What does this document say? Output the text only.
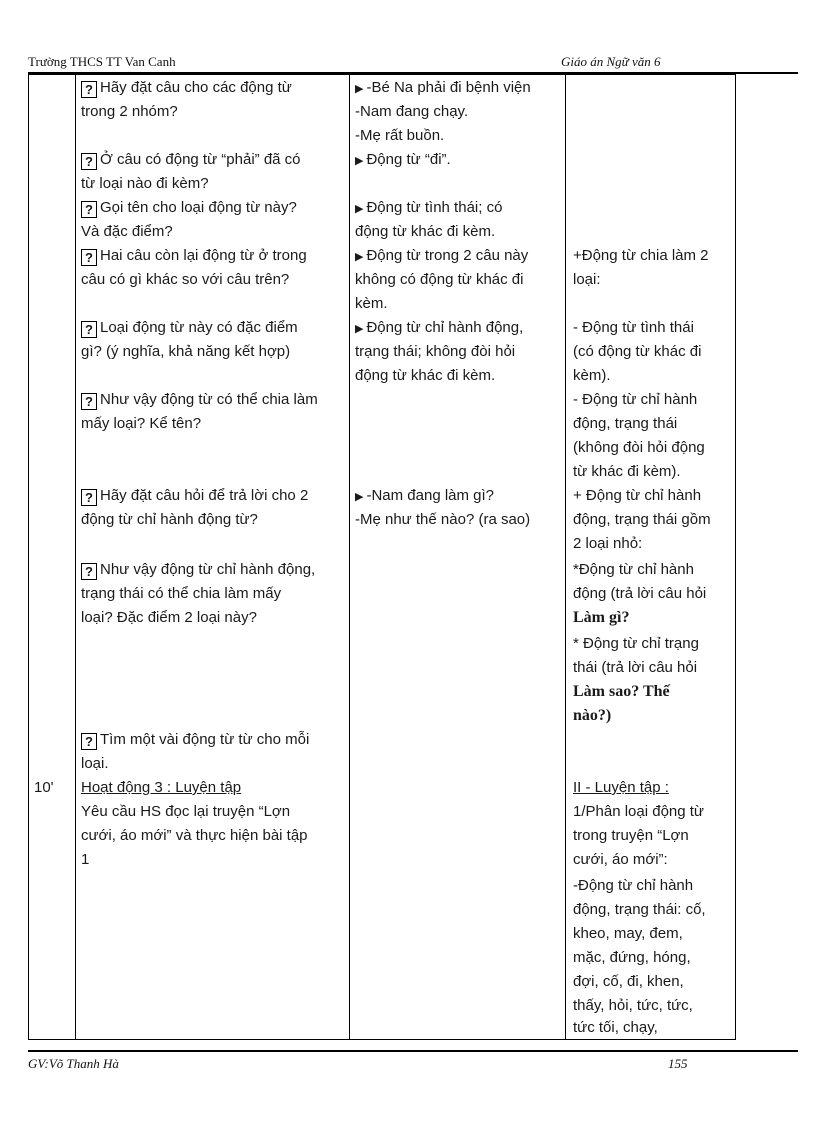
Trường THCS TT Van Canh	Giáo án Ngữ văn 6
10'
? Hãy đặt câu cho các động từ
trong 2 nhóm?
? Ở câu có động từ “phải” đã có
từ loại nào đi kèm?
? Gọi tên cho loại động từ này?
Và đặc điểm?
? Hai câu còn lại động từ ở trong
câu có gì khác so với câu trên?
? Loại động từ này có đặc điểm
gì? (ý nghĩa, khả năng kết hợp)
? Như vậy động từ có thể chia làm
mấy loại? Kể tên?
? Hãy đặt câu hỏi để trả lời cho 2
động từ chỉ hành động từ?
? Như vậy động từ chỉ hành động,
trạng thái có thể chia làm mấy
loại? Đặc điểm 2 loại này?
? Tìm một vài động từ từ cho mỗi
loại.
Hoạt động 3 : Luyện tập
Yêu cầu HS đọc lại truyện “Lợn
cưới, áo mới” và thực hiện bài tập
1
▶ -Bé Na phải đi bệnh viện
-Nam đang chạy.
-Mẹ rất buồn.
▶ Động từ “đi”.
▶ Động từ tình thái; có
động từ khác đi kèm.
▶ Động từ trong 2 câu này
không có động từ khác đi
kèm.
▶ Động từ chỉ hành động,
trạng thái; không đòi hỏi
động từ khác đi kèm.
▶ -Nam đang làm gì?
-Mẹ như thế nào? (ra sao)
+Động từ chia làm 2
loại:
- Động từ tình thái
(có động từ khác đi
kèm).
- Động từ chỉ hành
động, trạng thái
(không đòi hỏi động
từ khác đi kèm).
+ Động từ chỉ hành
động, trạng thái gồm
2 loại nhỏ:
*Động từ chỉ hành
động (trả lời câu hỏi
Làm gì?
* Động từ chỉ trạng
thái (trả lời câu hỏi
Làm sao? Thế
nào?)
II - Luyện tập :
1/Phân loại động từ
trong truyện “Lợn
cưới, áo mới”:
-Động từ chỉ hành
động, trạng thái: cố,
kheo, may, đem,
mặc, đứng, hóng,
đợi, cố, đi, khen,
thấy, hỏi, tức, tức,
tức tối, chạy,
GV:Võ Thanh Hà	155
